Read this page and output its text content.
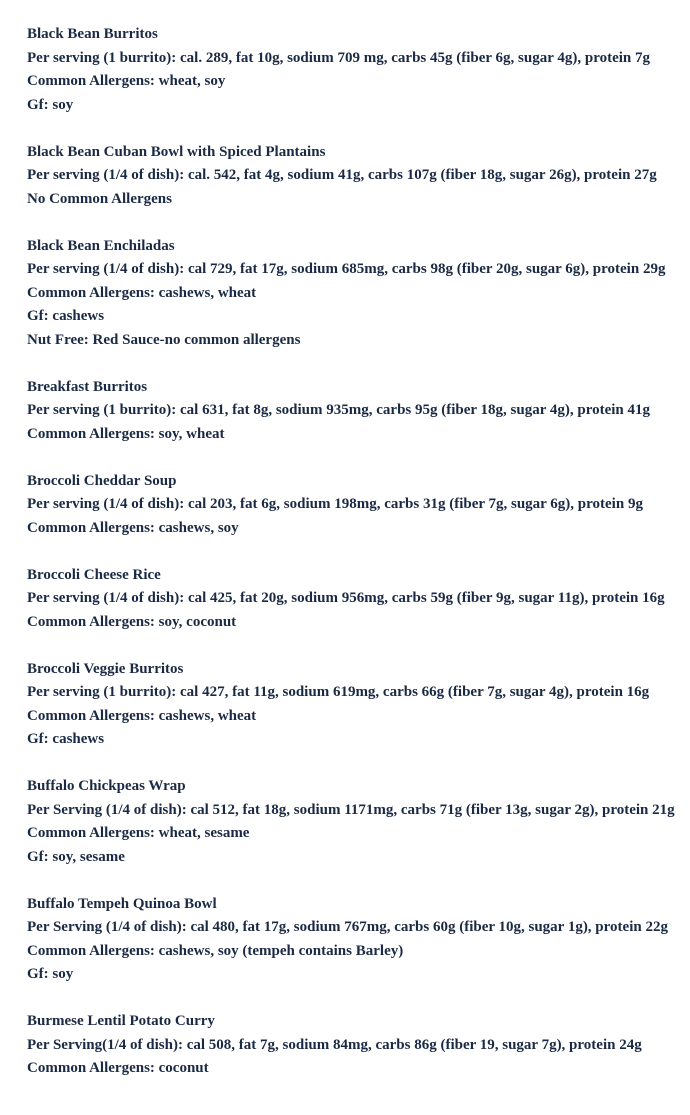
Black Bean Burritos
Per serving (1 burrito): cal. 289, fat 10g, sodium 709 mg, carbs 45g (fiber 6g, sugar 4g), protein 7g
Common Allergens: wheat, soy
Gf: soy
Black Bean Cuban Bowl with Spiced Plantains
Per serving (1/4 of dish): cal. 542, fat 4g, sodium 41g, carbs 107g (fiber 18g, sugar 26g), protein 27g
No Common Allergens
Black Bean Enchiladas
Per serving (1/4 of dish): cal 729, fat 17g, sodium 685mg, carbs 98g (fiber 20g, sugar 6g), protein 29g
Common Allergens: cashews, wheat
Gf: cashews
Nut Free: Red Sauce-no common allergens
Breakfast Burritos
Per serving (1 burrito): cal 631, fat 8g, sodium 935mg, carbs 95g (fiber 18g, sugar 4g), protein 41g
Common Allergens: soy, wheat
Broccoli Cheddar Soup
Per serving (1/4 of dish): cal 203, fat 6g, sodium 198mg, carbs 31g (fiber 7g, sugar 6g), protein 9g
Common Allergens: cashews, soy
Broccoli Cheese Rice
Per serving (1/4 of dish): cal 425, fat 20g, sodium 956mg, carbs 59g (fiber 9g, sugar 11g), protein 16g
Common Allergens: soy, coconut
Broccoli Veggie Burritos
Per serving (1 burrito): cal 427, fat 11g, sodium 619mg, carbs 66g (fiber 7g, sugar 4g), protein 16g
Common Allergens: cashews, wheat
Gf: cashews
Buffalo Chickpeas Wrap
Per Serving (1/4 of dish): cal 512, fat 18g, sodium 1171mg, carbs 71g (fiber 13g, sugar 2g), protein 21g
Common Allergens: wheat, sesame
Gf: soy, sesame
Buffalo Tempeh Quinoa Bowl
Per Serving (1/4 of dish): cal 480, fat 17g, sodium 767mg, carbs 60g (fiber 10g, sugar 1g), protein 22g
Common Allergens: cashews, soy (tempeh contains Barley)
Gf: soy
Burmese Lentil Potato Curry
Per Serving(1/4 of dish): cal 508, fat 7g, sodium 84mg, carbs 86g (fiber 19, sugar 7g), protein 24g
Common Allergens: coconut
